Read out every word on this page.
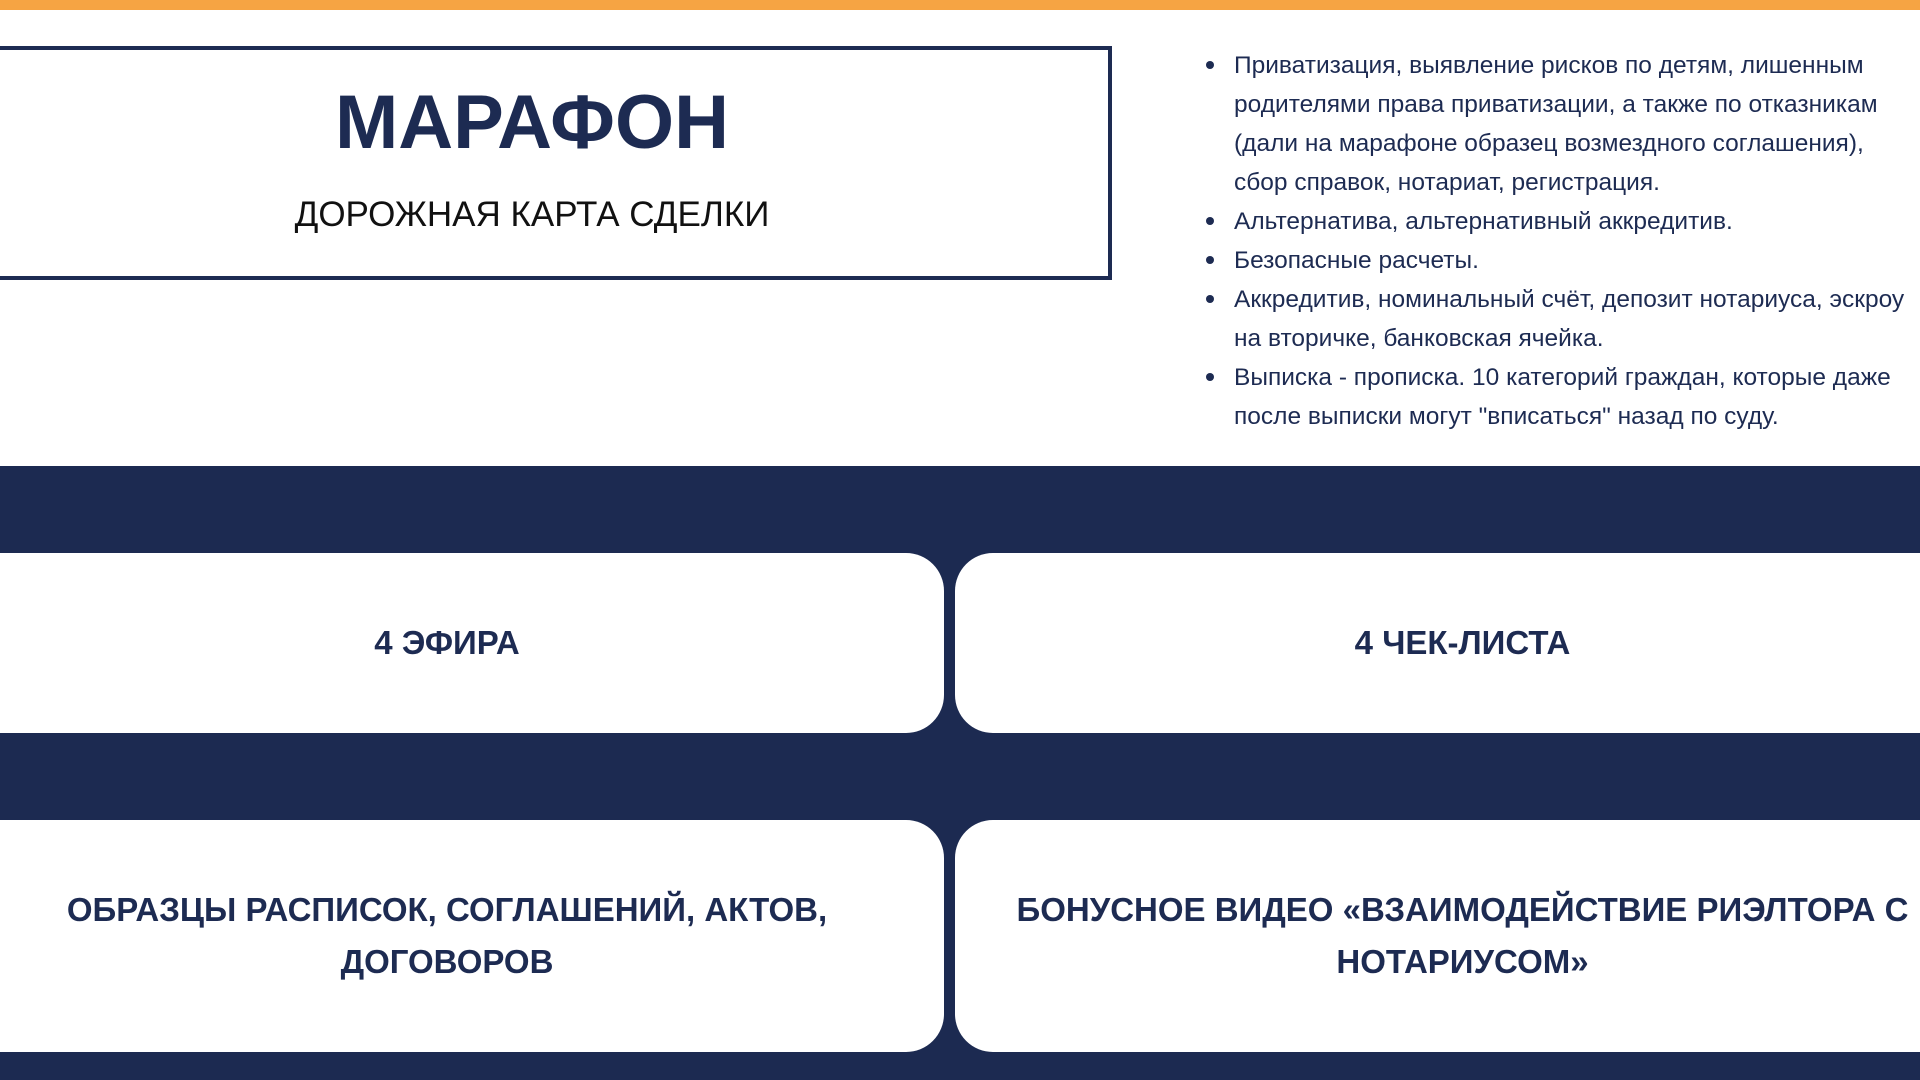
МАРАФОН
ДОРОЖНАЯ КАРТА СДЕЛКИ
Приватизация, выявление рисков по детям, лишенным родителями права приватизации, а также по отказникам (дали на марафоне образец возмездного соглашения), сбор справок, нотариат, регистрация.
Альтернатива, альтернативный аккредитив.
Безопасные расчеты.
Аккредитив, номинальный счёт, депозит нотариуса, эскроу на вторичке, банковская ячейка.
Выписка - прописка. 10 категорий граждан, которые даже после выписки могут "вписаться" назад по суду.
4 ЭФИРА	4 ЧЕК-ЛИСТА
ОБРАЗЦЫ РАСПИСОК, СОГЛАШЕНИЙ, АКТОВ, ДОГОВОРОВ
БОНУСНОЕ ВИДЕО «ВЗАИМОДЕЙСТВИЕ РИЭЛТОРА С НОТАРИУСОМ»
